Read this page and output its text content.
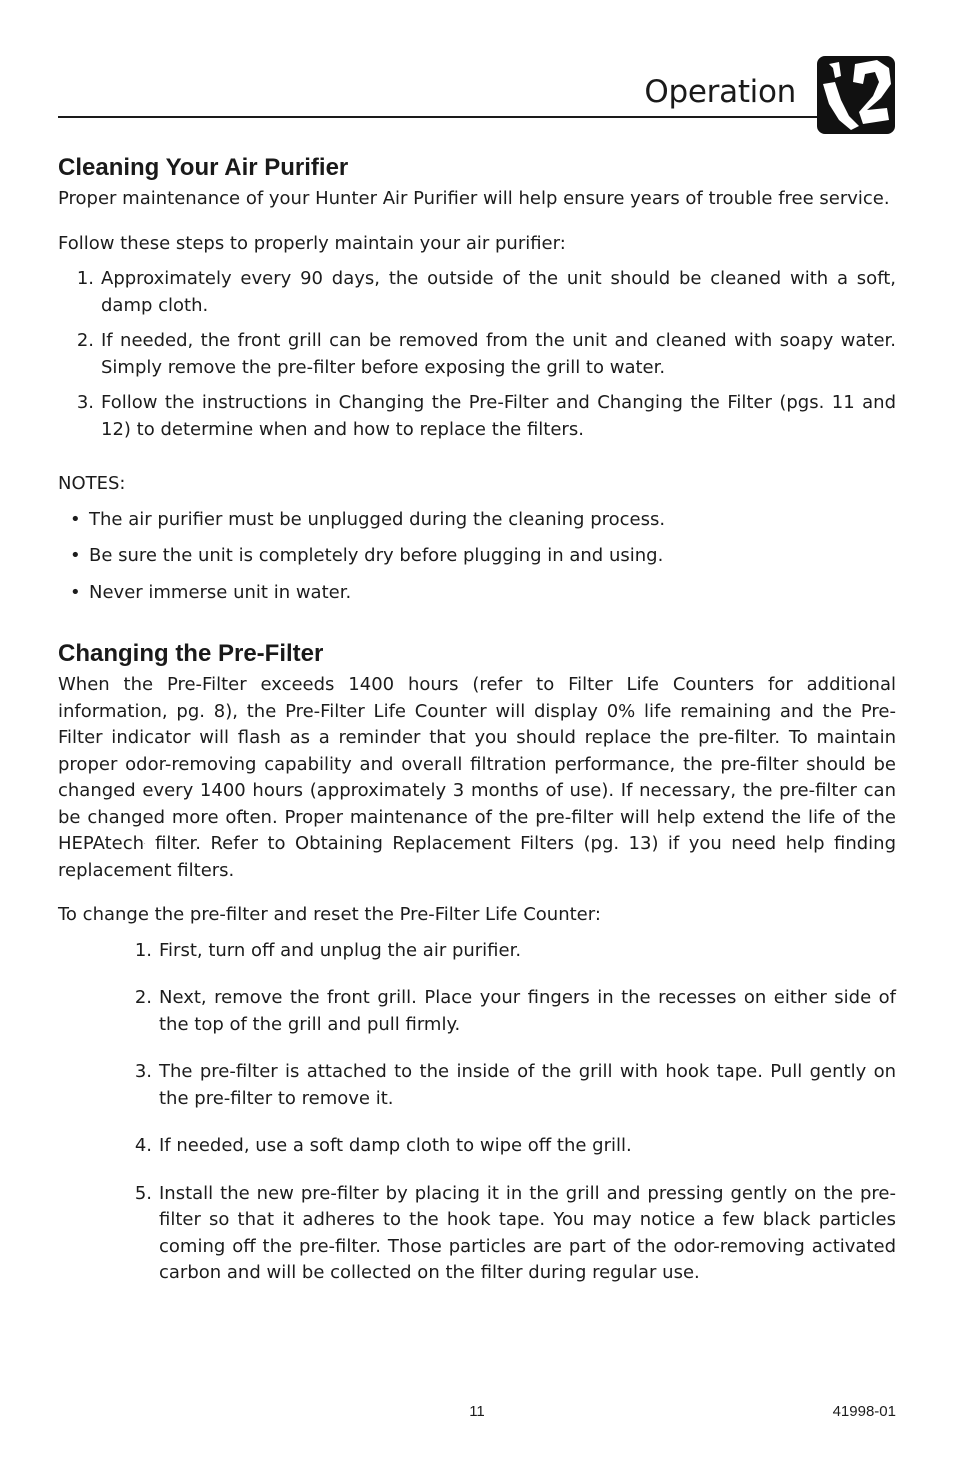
Operation
Cleaning Your Air Purifier

Proper maintenance of your Hunter Air Purifier will help ensure years of trouble free service.

Follow these steps to properly maintain your air purifier:

1. Approximately every 90 days, the outside of the unit should be cleaned with a soft, damp cloth.
2. If needed, the front grill can be removed from the unit and cleaned with soapy water. Simply remove the pre-filter before exposing the grill to water.
3. Follow the instructions in Changing the Pre-Filter and Changing the Filter (pgs. 11 and 12) to determine when and how to replace the filters.

NOTES:

• The air purifier must be unplugged during the cleaning process.
• Be sure the unit is completely dry before plugging in and using.
• Never immerse unit in water.
Changing the Pre-Filter

When the Pre-Filter exceeds 1400 hours (refer to Filter Life Counters for additional information, pg. 8), the Pre-Filter Life Counter will display 0% life remaining and the Pre-Filter indicator will flash as a reminder that you should replace the pre-filter. To maintain proper odor-removing capability and overall filtration performance, the pre-filter should be changed every 1400 hours (approximately 3 months of use). If necessary, the pre-filter can be changed more often. Proper maintenance of the pre-filter will help extend the life of the HEPAtech· filter. Refer to Obtaining Replacement Filters (pg. 13) if you need help finding replacement filters.

To change the pre-filter and reset the Pre-Filter Life Counter:

1. First, turn off and unplug the air purifier.
2. Next, remove the front grill. Place your fingers in the recesses on either side of the top of the grill and pull firmly.
3. The pre-filter is attached to the inside of the grill with hook tape. Pull gently on the pre-filter to remove it.
4. If needed, use a soft damp cloth to wipe off the grill.
5. Install the new pre-filter by placing it in the grill and pressing gently on the pre-filter so that it adheres to the hook tape. You may notice a few black particles coming off the pre-filter. Those particles are part of the odor-removing activated carbon and will be collected on the filter during regular use.
11	41998-01
